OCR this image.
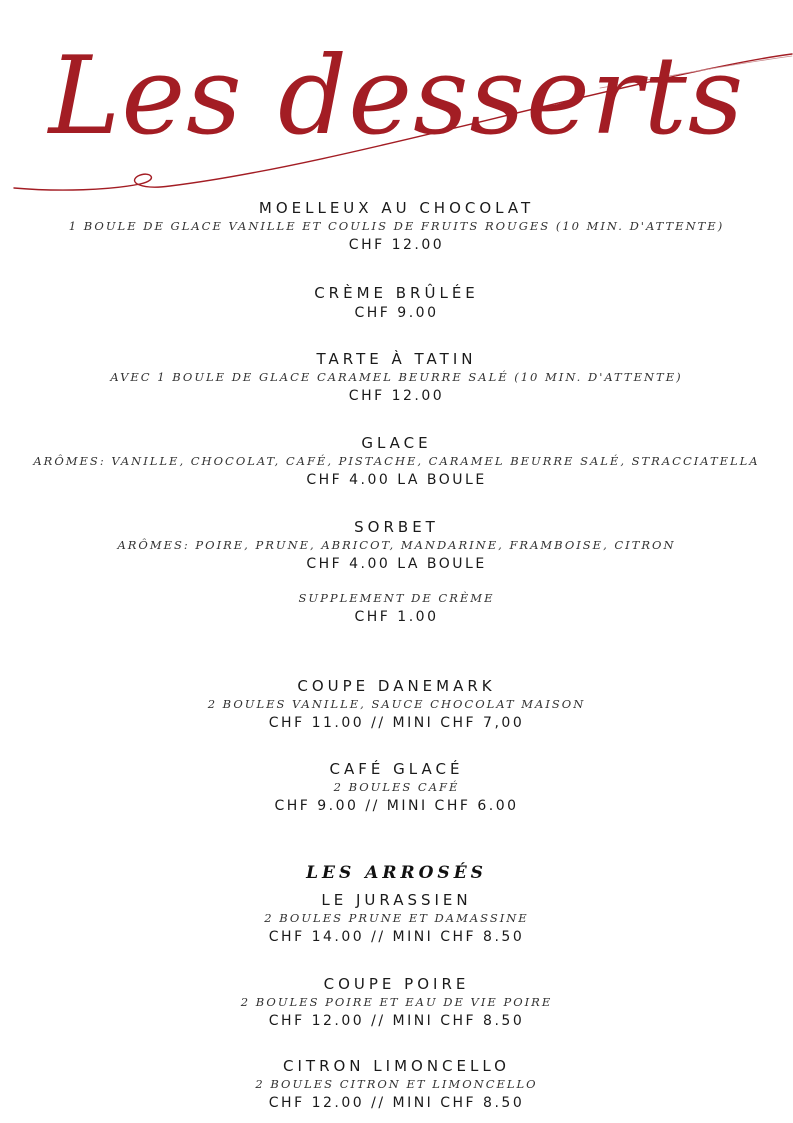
Les desserts
MOELLEUX AU CHOCOLAT
1 BOULE DE GLACE VANILLE ET COULIS DE FRUITS ROUGES (10 MIN. D'ATTENTE)
CHF 12.00
CRÈME BRÛLÉE
CHF 9.00
TARTE À TATIN
AVEC 1 BOULE DE GLACE CARAMEL BEURRE SALÉ (10 MIN. D'ATTENTE)
CHF 12.00
GLACE
ARÔMES: VANILLE, CHOCOLAT, CAFÉ, PISTACHE, CARAMEL BEURRE SALÉ, STRACCIATELLA
CHF 4.00 LA BOULE
SORBET
ARÔMES: POIRE, PRUNE, ABRICOT, MANDARINE, FRAMBOISE, CITRON
CHF 4.00 LA BOULE
SUPPLEMENT DE CRÈME
CHF 1.00
COUPE DANEMARK
2 BOULES VANILLE, SAUCE CHOCOLAT MAISON
CHF 11.00 // MINI CHF 7,00
CAFÉ GLACÉ
2 BOULES CAFÉ
CHF 9.00 // MINI CHF 6.00
LES ARROSÉS
LE JURASSIEN
2 BOULES PRUNE ET DAMASSINE
CHF 14.00 // MINI CHF 8.50
COUPE POIRE
2 BOULES POIRE ET EAU DE VIE POIRE
CHF 12.00 // MINI CHF 8.50
CITRON LIMONCELLO
2 BOULES CITRON ET LIMONCELLO
CHF 12.00 // MINI CHF 8.50
